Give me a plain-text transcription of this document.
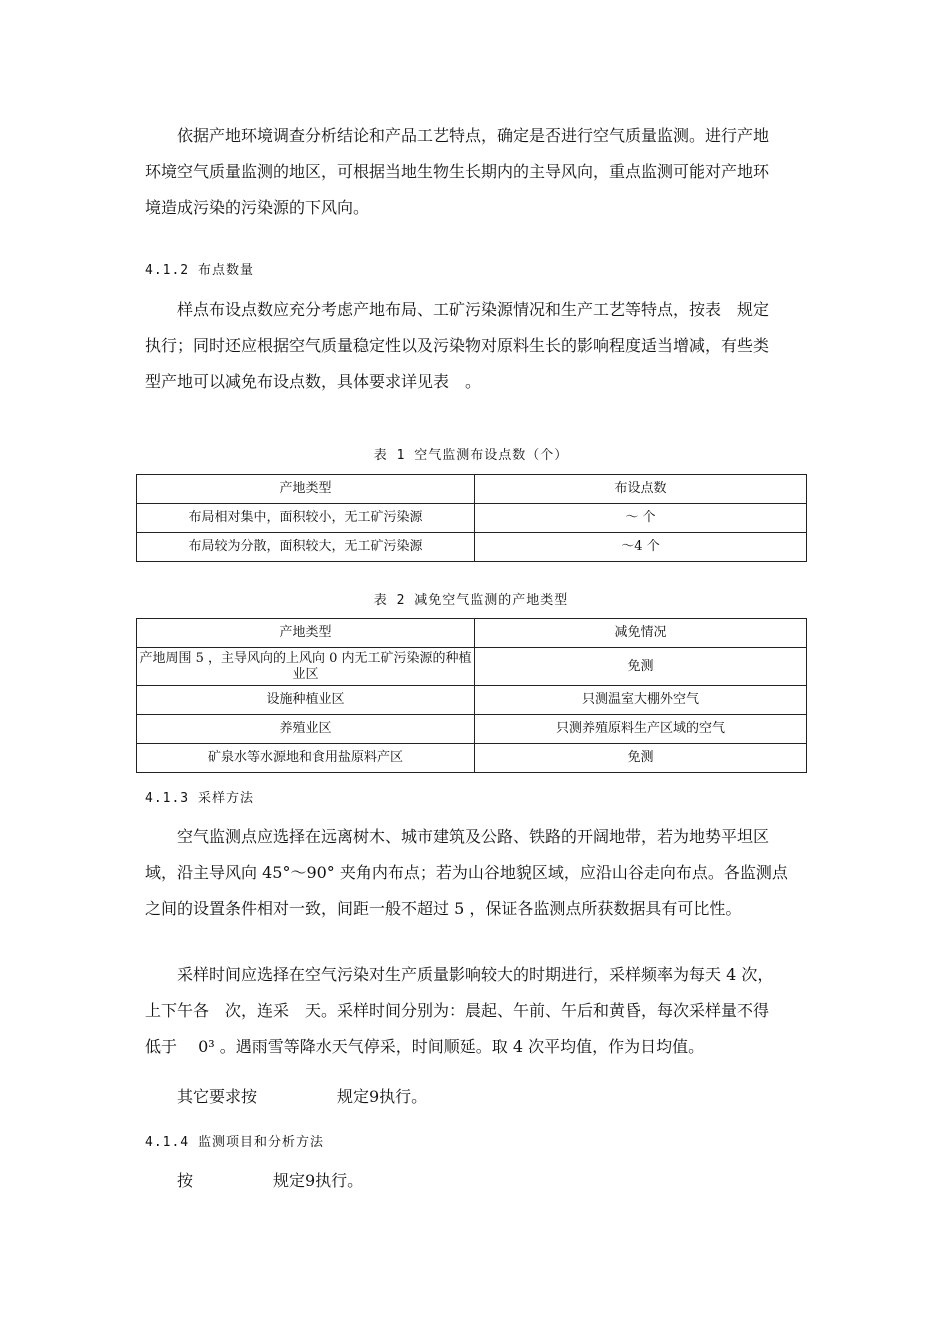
依据产地环境调查分析结论和产品工艺特点，确定是否进行空气质量监测。进行产地
环境空气质量监测的地区，可根据当地生物生长期内的主导风向，重点监测可能对产地环
境造成污染的污染源的下风向。
4.1.2 布点数量
样点布设点数应充分考虑产地布局、工矿污染源情况和生产工艺等特点，按表　规定
执行；同时还应根据空气质量稳定性以及污染物对原料生长的影响程度适当增减，有些类
型产地可以减免布设点数，具体要求详见表　。
表 1 空气监测布设点数（个）
产地类型	布设点数
布局相对集中，面积较小，无工矿污染源	～ 个
布局较为分散，面积较大，无工矿污染源	～4 个
表 2 减免空气监测的产地类型
产地类型	减免情况
产地周围 5 ，主导风向的上风向 0 内无工矿污染源的种植业区	免测
设施种植业区	只测温室大棚外空气
养殖业区	只测养殖原料生产区域的空气
矿泉水等水源地和食用盐原料产区	免测
4.1.3 采样方法
空气监测点应选择在远离树木、城市建筑及公路、铁路的开阔地带，若为地势平坦区
域，沿主导风向 45°～90° 夹角内布点；若为山谷地貌区域，应沿山谷走向布点。各监测点
之间的设置条件相对一致，间距一般不超过 5 ，保证各监测点所获数据具有可比性。
采样时间应选择在空气污染对生产质量影响较大的时期进行，采样频率为每天 4 次，
上下午各　次，连采　天。采样时间分别为：晨起、午前、午后和黄昏，每次采样量不得
低于　 0³ 。遇雨雪等降水天气停采，时间顺延。取 4 次平均值，作为日均值。
其它要求按　　　　　规定9执行。
4.1.4 监测项目和分析方法
按　　　　　规定9执行。
